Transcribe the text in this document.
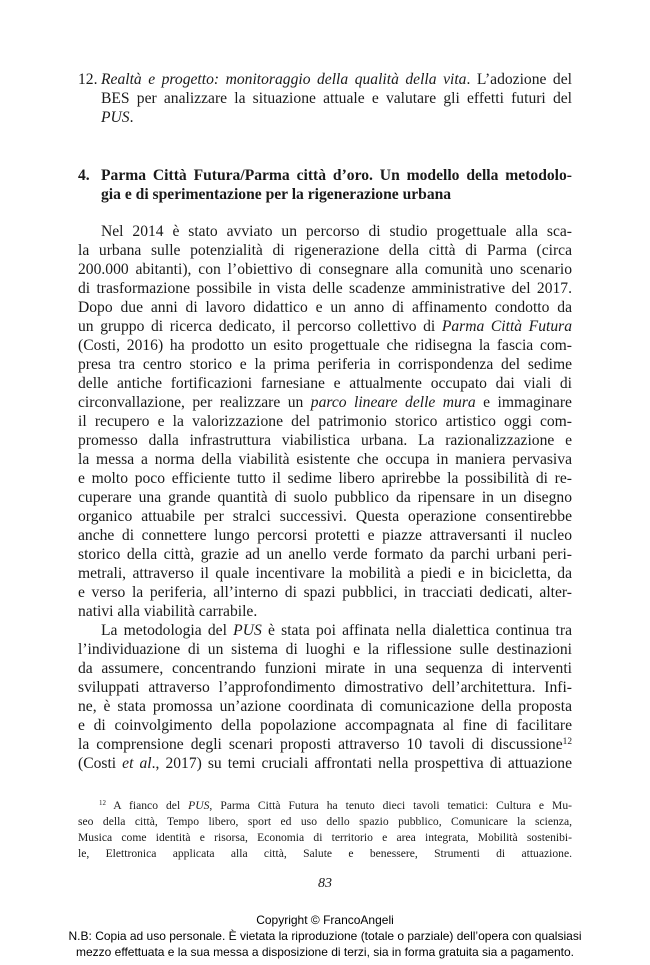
12. Realtà e progetto: monitoraggio della qualità della vita. L’adozione del
BES per analizzare la situazione attuale e valutare gli effetti futuri del
PUS.
4. Parma Città Futura/Parma città d’oro. Un modello della metodolo-
gia e di sperimentazione per la rigenerazione urbana
Nel 2014 è stato avviato un percorso di studio progettuale alla sca-
la urbana sulle potenzialità di rigenerazione della città di Parma (circa
200.000 abitanti), con l’obiettivo di consegnare alla comunità uno scenario
di trasformazione possibile in vista delle scadenze amministrative del 2017.
Dopo due anni di lavoro didattico e un anno di affinamento condotto da
un gruppo di ricerca dedicato, il percorso collettivo di Parma Città Futura
(Costi, 2016) ha prodotto un esito progettuale che ridisegna la fascia com-
presa tra centro storico e la prima periferia in corrispondenza del sedime
delle antiche fortificazioni farnesiane e attualmente occupato dai viali di
circonvallazione, per realizzare un parco lineare delle mura e immaginare
il recupero e la valorizzazione del patrimonio storico artistico oggi com-
promesso dalla infrastruttura viabilistica urbana. La razionalizzazione e
la messa a norma della viabilità esistente che occupa in maniera pervasiva
e molto poco efficiente tutto il sedime libero aprirebbe la possibilità di re-
cuperare una grande quantità di suolo pubblico da ripensare in un disegno
organico attuabile per stralci successivi. Questa operazione consentirebbe
anche di connettere lungo percorsi protetti e piazze attraversanti il nucleo
storico della città, grazie ad un anello verde formato da parchi urbani peri-
metrali, attraverso il quale incentivare la mobilità a piedi e in bicicletta, da
e verso la periferia, all’interno di spazi pubblici, in tracciati dedicati, alter-
nativi alla viabilità carrabile.
La metodologia del PUS è stata poi affinata nella dialettica continua tra
l’individuazione di un sistema di luoghi e la riflessione sulle destinazioni
da assumere, concentrando funzioni mirate in una sequenza di interventi
sviluppati attraverso l’approfondimento dimostrativo dell’architettura. Infi-
ne, è stata promossa un’azione coordinata di comunicazione della proposta
e di coinvolgimento della popolazione accompagnata al fine di facilitare
la comprensione degli scenari proposti attraverso 10 tavoli di discussione$^{12}$
(Costi et al., 2017) su temi cruciali affrontati nella prospettiva di attuazione
$^{12}$ A fianco del PUS, Parma Città Futura ha tenuto dieci tavoli tematici: Cultura e Mu-
seo della città, Tempo libero, sport ed uso dello spazio pubblico, Comunicare la scienza,
Musica come identità e risorsa, Economia di territorio e area integrata, Mobilità sostenibi-
le, Elettronica applicata alla città, Salute e benessere, Strumenti di attuazione.
83
Copyright © FrancoAngeli
N.B: Copia ad uso personale. È vietata la riproduzione (totale o parziale) dell’opera con qualsiasi
mezzo effettuata e la sua messa a disposizione di terzi, sia in forma gratuita sia a pagamento.
